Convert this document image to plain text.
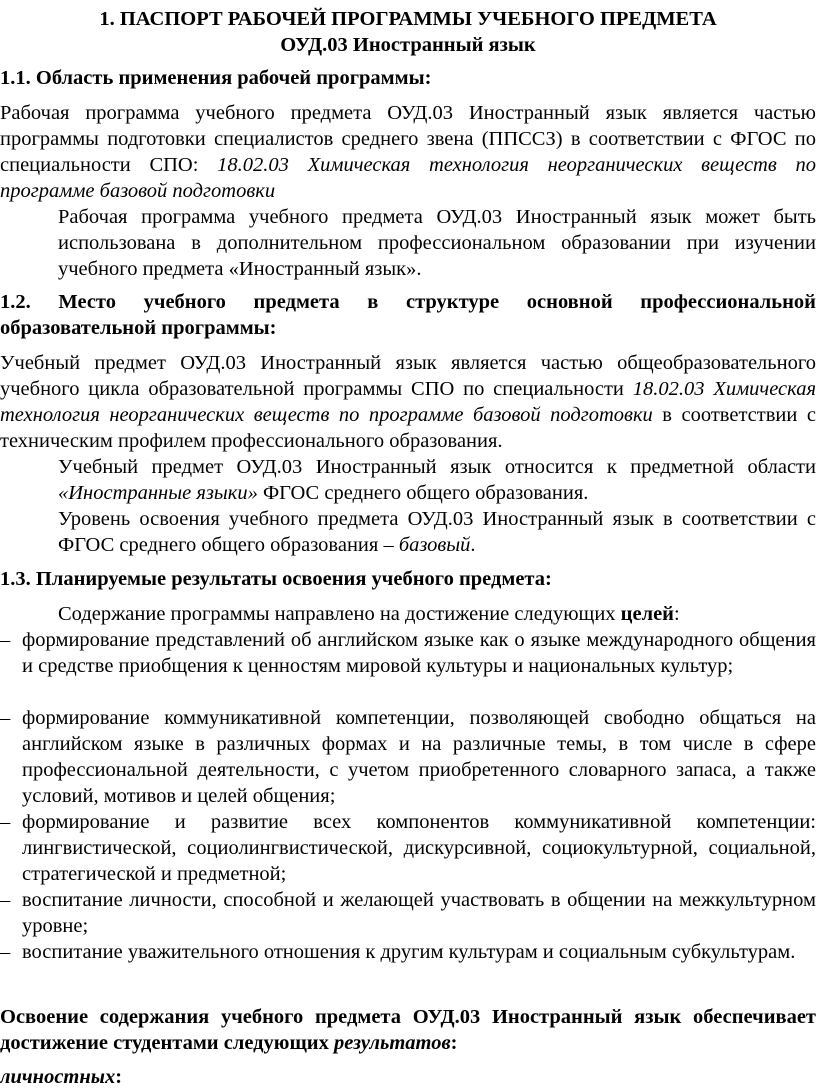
1. ПАСПОРТ РАБОЧЕЙ ПРОГРАММЫ УЧЕБНОГО ПРЕДМЕТА
ОУД.03 Иностранный язык
1.1. Область применения рабочей программы:
Рабочая программа учебного предмета ОУД.03 Иностранный язык является частью программы подготовки специалистов среднего звена (ППССЗ) в соответствии с ФГОС по специальности СПО: 18.02.03 Химическая технология неорганических веществ по программе базовой подготовки
Рабочая программа учебного предмета ОУД.03 Иностранный язык может быть использована в дополнительном профессиональном образовании при изучении учебного предмета «Иностранный язык».
1.2. Место учебного предмета в структуре основной профессиональной образовательной программы:
Учебный предмет ОУД.03 Иностранный язык является частью общеобразовательного учебного цикла образовательной программы СПО по специальности 18.02.03 Химическая технология неорганических веществ по программе базовой подготовки в соответствии с техническим профилем профессионального образования.
Учебный предмет ОУД.03 Иностранный язык относится к предметной области «Иностранные языки» ФГОС среднего общего образования.
Уровень освоения учебного предмета ОУД.03 Иностранный язык в соответствии с ФГОС среднего общего образования – базовый.
1.3. Планируемые результаты освоения учебного предмета:
Содержание программы направлено на достижение следующих целей:
– формирование представлений об английском языке как о языке международного общения и средстве приобщения к ценностям мировой культуры и национальных культур;
– формирование коммуникативной компетенции, позволяющей свободно общаться на английском языке в различных формах и на различные темы, в том числе в сфере профессиональной деятельности, с учетом приобретенного словарного запаса, а также условий, мотивов и целей общения;
– формирование и развитие всех компонентов коммуникативной компетенции: лингвистической, социолингвистической, дискурсивной, социокультурной, социальной, стратегической и предметной;
– воспитание личности, способной и желающей участвовать в общении на межкультурном уровне;
– воспитание уважительного отношения к другим культурам и социальным субкультурам.
Освоение содержания учебного предмета ОУД.03 Иностранный язык обеспечивает достижение студентами следующих результатов:
личностных:
